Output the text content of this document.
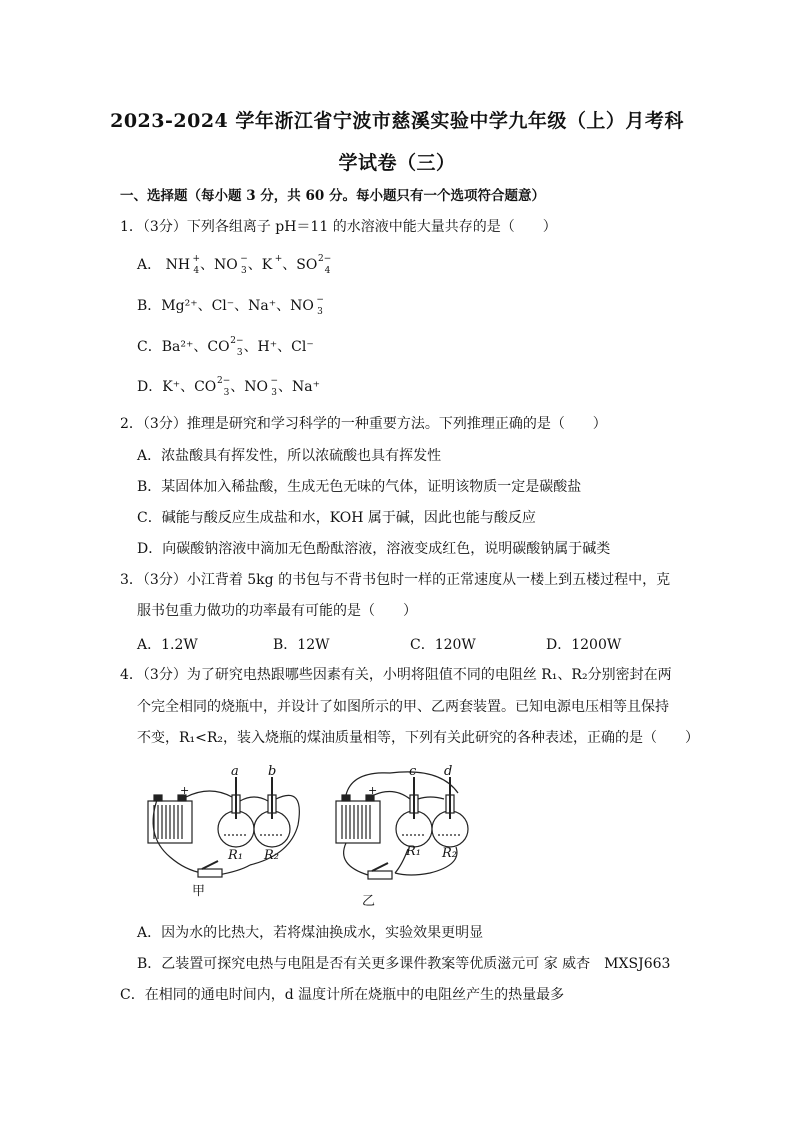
2023-2024 学年浙江省宁波市慈溪实验中学九年级（上）月考科
学试卷（三）
一、选择题（每小题 3 分，共 60 分。每小题只有一个选项符合题意）
1．（3分）下列各组离子 pH＝11 的水溶液中能大量共存的是（　　）
A． NH +
4 、NO −
3 、K + 、SO 2−
4
B．Mg²⁺、Cl⁻、Na⁺、NO −
3
C．Ba²⁺、CO 2−
3 、H⁺、Cl⁻
D．K⁺、CO 2−
3 、NO −
3 、Na⁺
2．（3分）推理是研究和学习科学的一种重要方法。下列推理正确的是（　　）
A．浓盐酸具有挥发性，所以浓硫酸也具有挥发性
B．某固体加入稀盐酸，生成无色无味的气体，证明该物质一定是碳酸盐
C．碱能与酸反应生成盐和水，KOH 属于碱，因此也能与酸反应
D．向碳酸钠溶液中滴加无色酚酞溶液，溶液变成红色，说明碳酸钠属于碱类
3．（3分）小江背着 5kg 的书包与不背书包时一样的正常速度从一楼上到五楼过程中，克
服书包重力做功的功率最有可能的是（　　）
A．1.2W	B．12W	C．120W	D．1200W
4．（3分）为了研究电热跟哪些因素有关，小明将阻值不同的电阻丝 R₁、R₂分别密封在两
个完全相同的烧瓶中，并设计了如图所示的甲、乙两套装置。已知电源电压相等且保持
不变，R₁<R₂，装入烧瓶的煤油质量相等，下列有关此研究的各种表述，正确的是（　　）
a b	c d
R₁ R₂	R₁ R₂
+	+
甲
乙
A．因为水的比热大，若将煤油换成水，实验效果更明显
B．乙装置可探究电热与电阻是否有关更多课件教案等优质滋元可 家 威杏　MXSJ663
C．在相同的通电时间内，d 温度计所在烧瓶中的电阻丝产生的热量最多
